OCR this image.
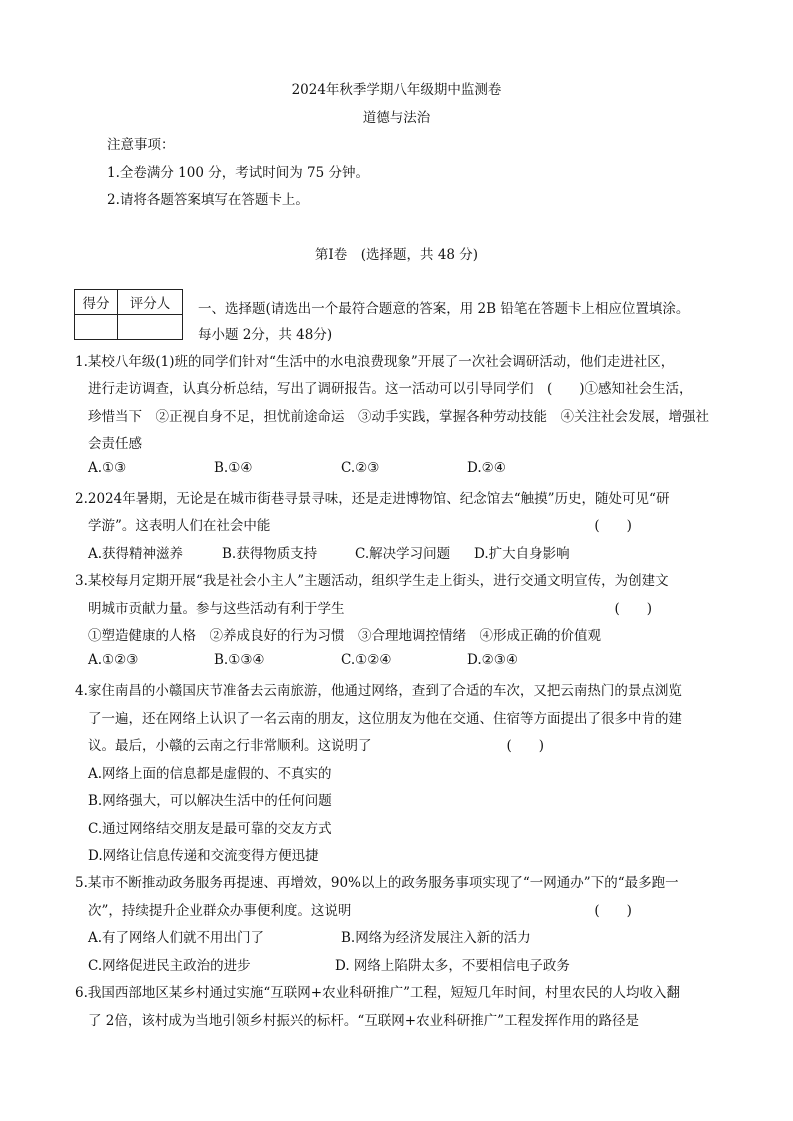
2024年秋季学期八年级期中监测卷
道德与法治
注意事项：
1.全卷满分 100 分，考试时间为 75 分钟。
2.请将各题答案填写在答题卡上。
第Ⅰ卷　(选择题，共 48 分)
得分	评分人
	一、选择题(请选出一个最符合题意的答案，用 2B 铅笔在答题卡上相应位置填涂。
每小题 2分，共 48分)
1.某校八年级(1)班的同学们针对“生活中的水电浪费现象”开展了一次社会调研活动，他们走进社区，
进行走访调查，认真分析总结，写出了调研报告。这一活动可以引导同学们　(　　)①感知社会生活，
珍惜当下　②正视自身不足，担忧前途命运　③动手实践，掌握各种劳动技能　④关注社会发展，增强社
会责任感
A.①③	B.①④	C.②③	D.②④
2.2024年暑期，无论是在城市街巷寻景寻味，还是走进博物馆、纪念馆去“触摸”历史，随处可见“研
学游”。这表明人们在社会中能　　　　　　　　　　　　　　　　　　　　　　　　(　　)
A.获得精神滋养	B.获得物质支持	C.解决学习问题 D.扩大自身影响
3.某校每月定期开展“我是社会小主人”主题活动，组织学生走上街头，进行交通文明宣传，为创建文
明城市贡献力量。参与这些活动有利于学生　　　　　　　　　　　　　　　　　　　　(　　)
①塑造健康的人格　②养成良好的行为习惯　③合理地调控情绪　④形成正确的价值观
A.①②③	B.①③④	C.①②④	D.②③④
4.家住南昌的小赣国庆节准备去云南旅游，他通过网络，查到了合适的车次，又把云南热门的景点浏览
了一遍，还在网络上认识了一名云南的朋友，这位朋友为他在交通、住宿等方面提出了很多中肯的建
议。最后，小赣的云南之行非常顺利。这说明了　　　　　　　　　　(　　)
A.网络上面的信息都是虚假的、不真实的
B.网络强大，可以解决生活中的任何问题
C.通过网络结交朋友是最可靠的交友方式
D.网络让信息传递和交流变得方便迅捷
5.某市不断推动政务服务再提速、再增效，90%以上的政务服务事项实现了“一网通办”下的“最多跑一
次”，持续提升企业群众办事便利度。这说明　　　　　　　　　　　　　　　　　　(　　)
A.有了网络人们就不用出门了	B.网络为经济发展注入新的活力
C.网络促进民主政治的进步	D. 网络上陷阱太多，不要相信电子政务
6.我国西部地区某乡村通过实施“互联网+农业科研推广”工程，短短几年时间，村里农民的人均收入翻
了 2倍，该村成为当地引领乡村振兴的标杆。“互联网+农业科研推广”工程发挥作用的路径是
